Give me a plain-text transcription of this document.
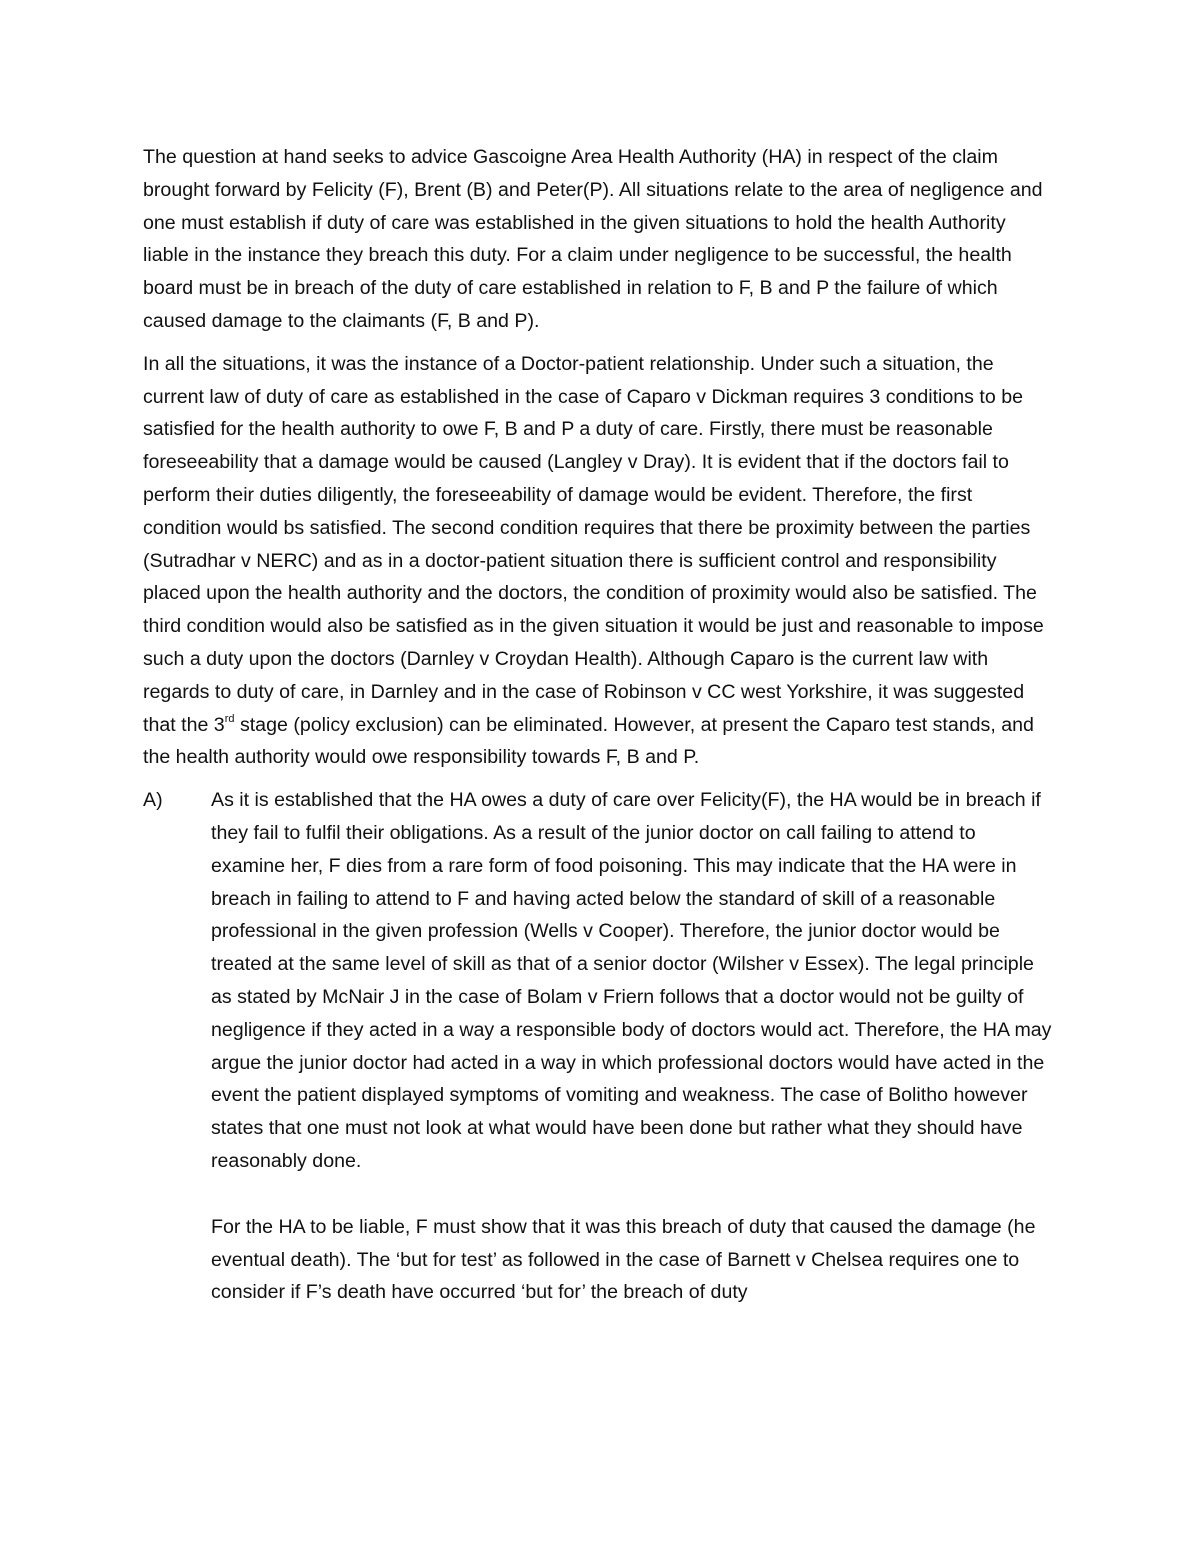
The question at hand seeks to advice Gascoigne Area Health Authority (HA) in respect of the claim brought forward by Felicity (F), Brent (B) and Peter(P). All situations relate to the area of negligence and one must establish if duty of care was established in the given situations to hold the health Authority liable in the instance they breach this duty. For a claim under negligence to be successful, the health board must be in breach of the duty of care established in relation to F, B and P the failure of which caused damage to the claimants (F, B and P).

In all the situations, it was the instance of a Doctor-patient relationship. Under such a situation, the current law of duty of care as established in the case of Caparo v Dickman requires 3 conditions to be satisfied for the health authority to owe F, B and P a duty of care. Firstly, there must be reasonable foreseeability that a damage would be caused (Langley v Dray). It is evident that if the doctors fail to perform their duties diligently, the foreseeability of damage would be evident. Therefore, the first condition would bs satisfied. The second condition requires that there be proximity between the parties (Sutradhar v NERC) and as in a doctor-patient situation there is sufficient control and responsibility placed upon the health authority and the doctors, the condition of proximity would also be satisfied. The third condition would also be satisfied as in the given situation it would be just and reasonable to impose such a duty upon the doctors (Darnley v Croydan Health). Although Caparo is the current law with regards to duty of care, in Darnley and in the case of Robinson v CC west Yorkshire, it was suggested that the 3rd stage (policy exclusion) can be eliminated. However, at present the Caparo test stands, and the health authority would owe responsibility towards F, B and P.

A)	As it is established that the HA owes a duty of care over Felicity(F), the HA would be in breach if they fail to fulfil their obligations. As a result of the junior doctor on call failing to attend to examine her, F dies from a rare form of food poisoning. This may indicate that the HA were in breach in failing to attend to F and having acted below the standard of skill of a reasonable professional in the given profession (Wells v Cooper). Therefore, the junior doctor would be treated at the same level of skill as that of a senior doctor (Wilsher v Essex). The legal principle as stated by McNair J in the case of Bolam v Friern follows that a doctor would not be guilty of negligence if they acted in a way a responsible body of doctors would act. Therefore, the HA may argue the junior doctor had acted in a way in which professional doctors would have acted in the event the patient displayed symptoms of vomiting and weakness. The case of Bolitho however states that one must not look at what would have been done but rather what they should have reasonably done.

For the HA to be liable, F must show that it was this breach of duty that caused the damage (he eventual death). The ‘but for test’ as followed in the case of Barnett v Chelsea requires one to consider if F’s death have occurred ‘but for’ the breach of duty
